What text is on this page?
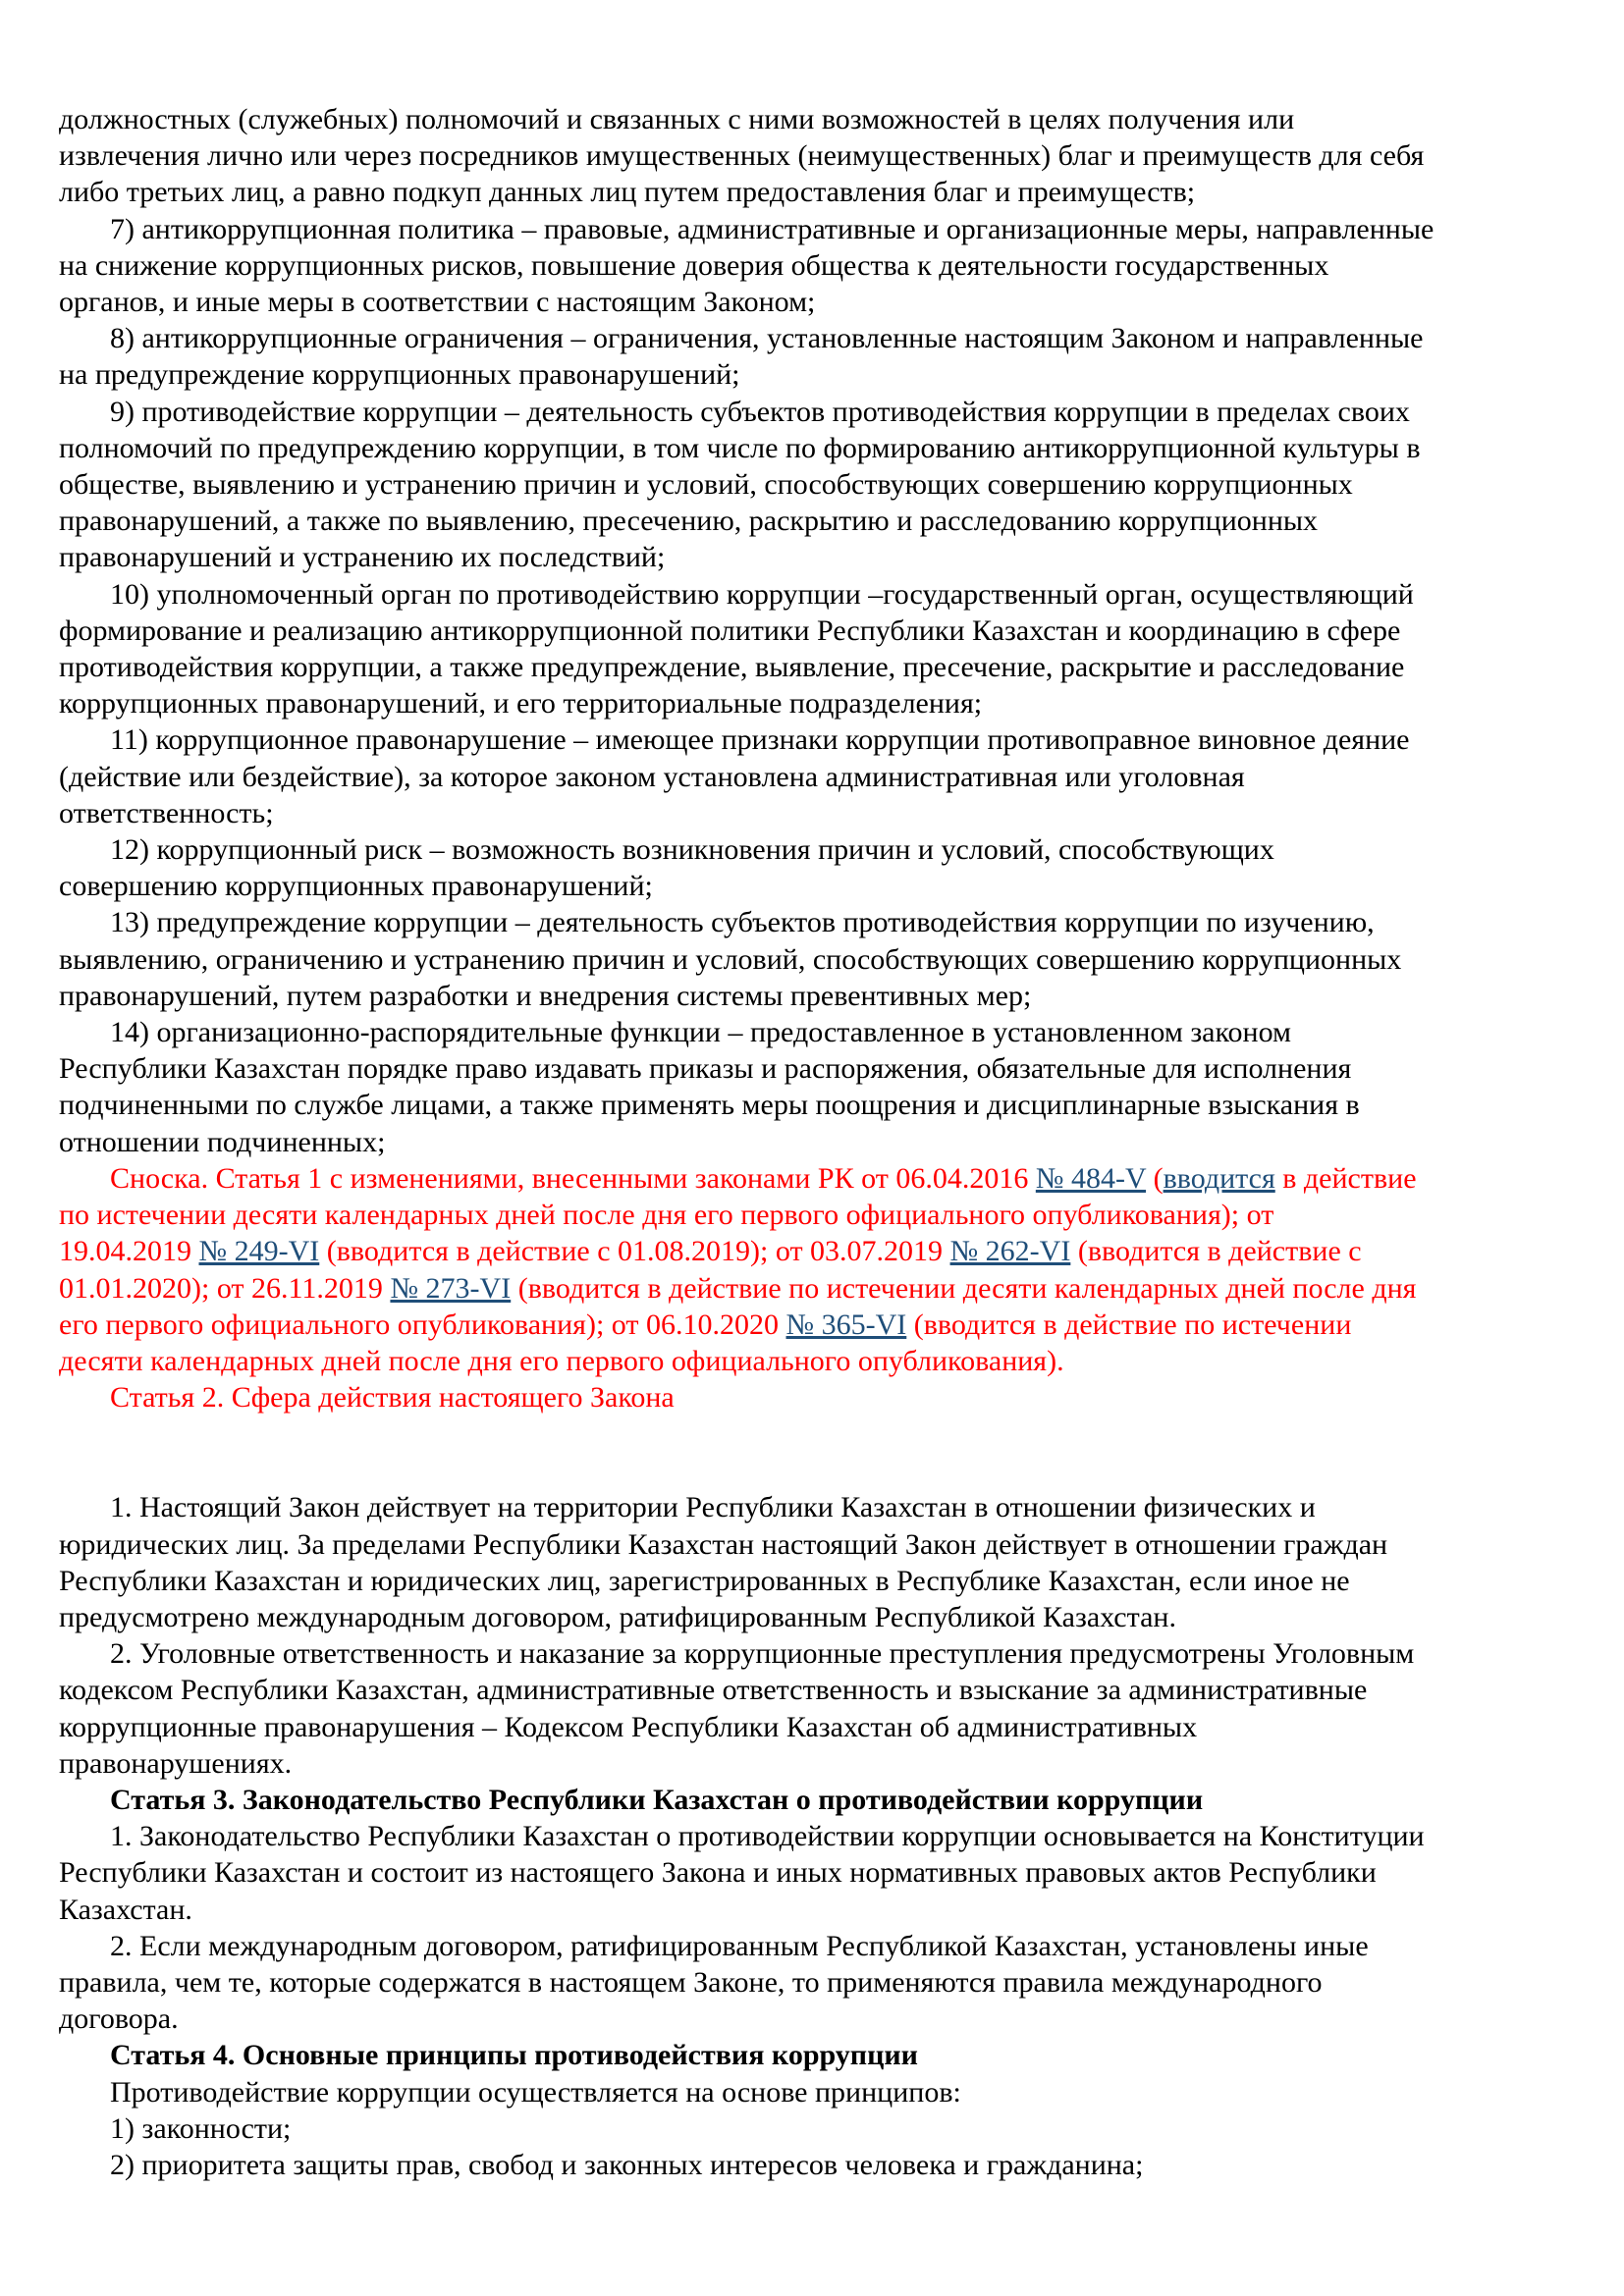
должностных (служебных) полномочий и связанных с ними возможностей в целях получения или
извлечения лично или через посредников имущественных (неимущественных) благ и преимуществ для себя
либо третьих лиц, а равно подкуп данных лиц путем предоставления благ и преимуществ;
7) антикоррупционная политика – правовые, административные и организационные меры, направленные
на снижение коррупционных рисков, повышение доверия общества к деятельности государственных
органов, и иные меры в соответствии с настоящим Законом;
8) антикоррупционные ограничения – ограничения, установленные настоящим Законом и направленные
на предупреждение коррупционных правонарушений;
9) противодействие коррупции – деятельность субъектов противодействия коррупции в пределах своих
полномочий по предупреждению коррупции, в том числе по формированию антикоррупционной культуры в
обществе, выявлению и устранению причин и условий, способствующих совершению коррупционных
правонарушений, а также по выявлению, пресечению, раскрытию и расследованию коррупционных
правонарушений и устранению их последствий;
10) уполномоченный орган по противодействию коррупции –государственный орган, осуществляющий
формирование и реализацию антикоррупционной политики Республики Казахстан и координацию в сфере
противодействия коррупции, а также предупреждение, выявление, пресечение, раскрытие и расследование
коррупционных правонарушений, и его территориальные подразделения;
11) коррупционное правонарушение – имеющее признаки коррупции противоправное виновное деяние
(действие или бездействие), за которое законом установлена административная или уголовная
ответственность;
12) коррупционный риск – возможность возникновения причин и условий, способствующих
совершению коррупционных правонарушений;
13) предупреждение коррупции – деятельность субъектов противодействия коррупции по изучению,
выявлению, ограничению и устранению причин и условий, способствующих совершению коррупционных
правонарушений, путем разработки и внедрения системы превентивных мер;
14) организационно-распорядительные функции – предоставленное в установленном законом
Республики Казахстан порядке право издавать приказы и распоряжения, обязательные для исполнения
подчиненными по службе лицами, а также применять меры поощрения и дисциплинарные взыскания в
отношении подчиненных;
Сноска. Статья 1 с изменениями, внесенными законами РК от 06.04.2016 № 484-V (вводится в действие
по истечении десяти календарных дней после дня его первого официального опубликования); от
19.04.2019 № 249-VI (вводится в действие с 01.08.2019); от 03.07.2019 № 262-VI (вводится в действие с
01.01.2020); от 26.11.2019 № 273-VI (вводится в действие по истечении десяти календарных дней после дня
его первого официального опубликования); от 06.10.2020 № 365-VI (вводится в действие по истечении
десяти календарных дней после дня его первого официального опубликования).
Статья 2. Сфера действия настоящего Закона
1. Настоящий Закон действует на территории Республики Казахстан в отношении физических и
юридических лиц. За пределами Республики Казахстан настоящий Закон действует в отношении граждан
Республики Казахстан и юридических лиц, зарегистрированных в Республике Казахстан, если иное не
предусмотрено международным договором, ратифицированным Республикой Казахстан.
2. Уголовные ответственность и наказание за коррупционные преступления предусмотрены Уголовным
кодексом Республики Казахстан, административные ответственность и взыскание за административные
коррупционные правонарушения – Кодексом Республики Казахстан об административных
правонарушениях.
Статья 3. Законодательство Республики Казахстан о противодействии коррупции
1. Законодательство Республики Казахстан о противодействии коррупции основывается на Конституции
Республики Казахстан и состоит из настоящего Закона и иных нормативных правовых актов Республики
Казахстан.
2. Если международным договором, ратифицированным Республикой Казахстан, установлены иные
правила, чем те, которые содержатся в настоящем Законе, то применяются правила международного
договора.
Статья 4. Основные принципы противодействия коррупции
Противодействие коррупции осуществляется на основе принципов:
1) законности;
2) приоритета защиты прав, свобод и законных интересов человека и гражданина;
